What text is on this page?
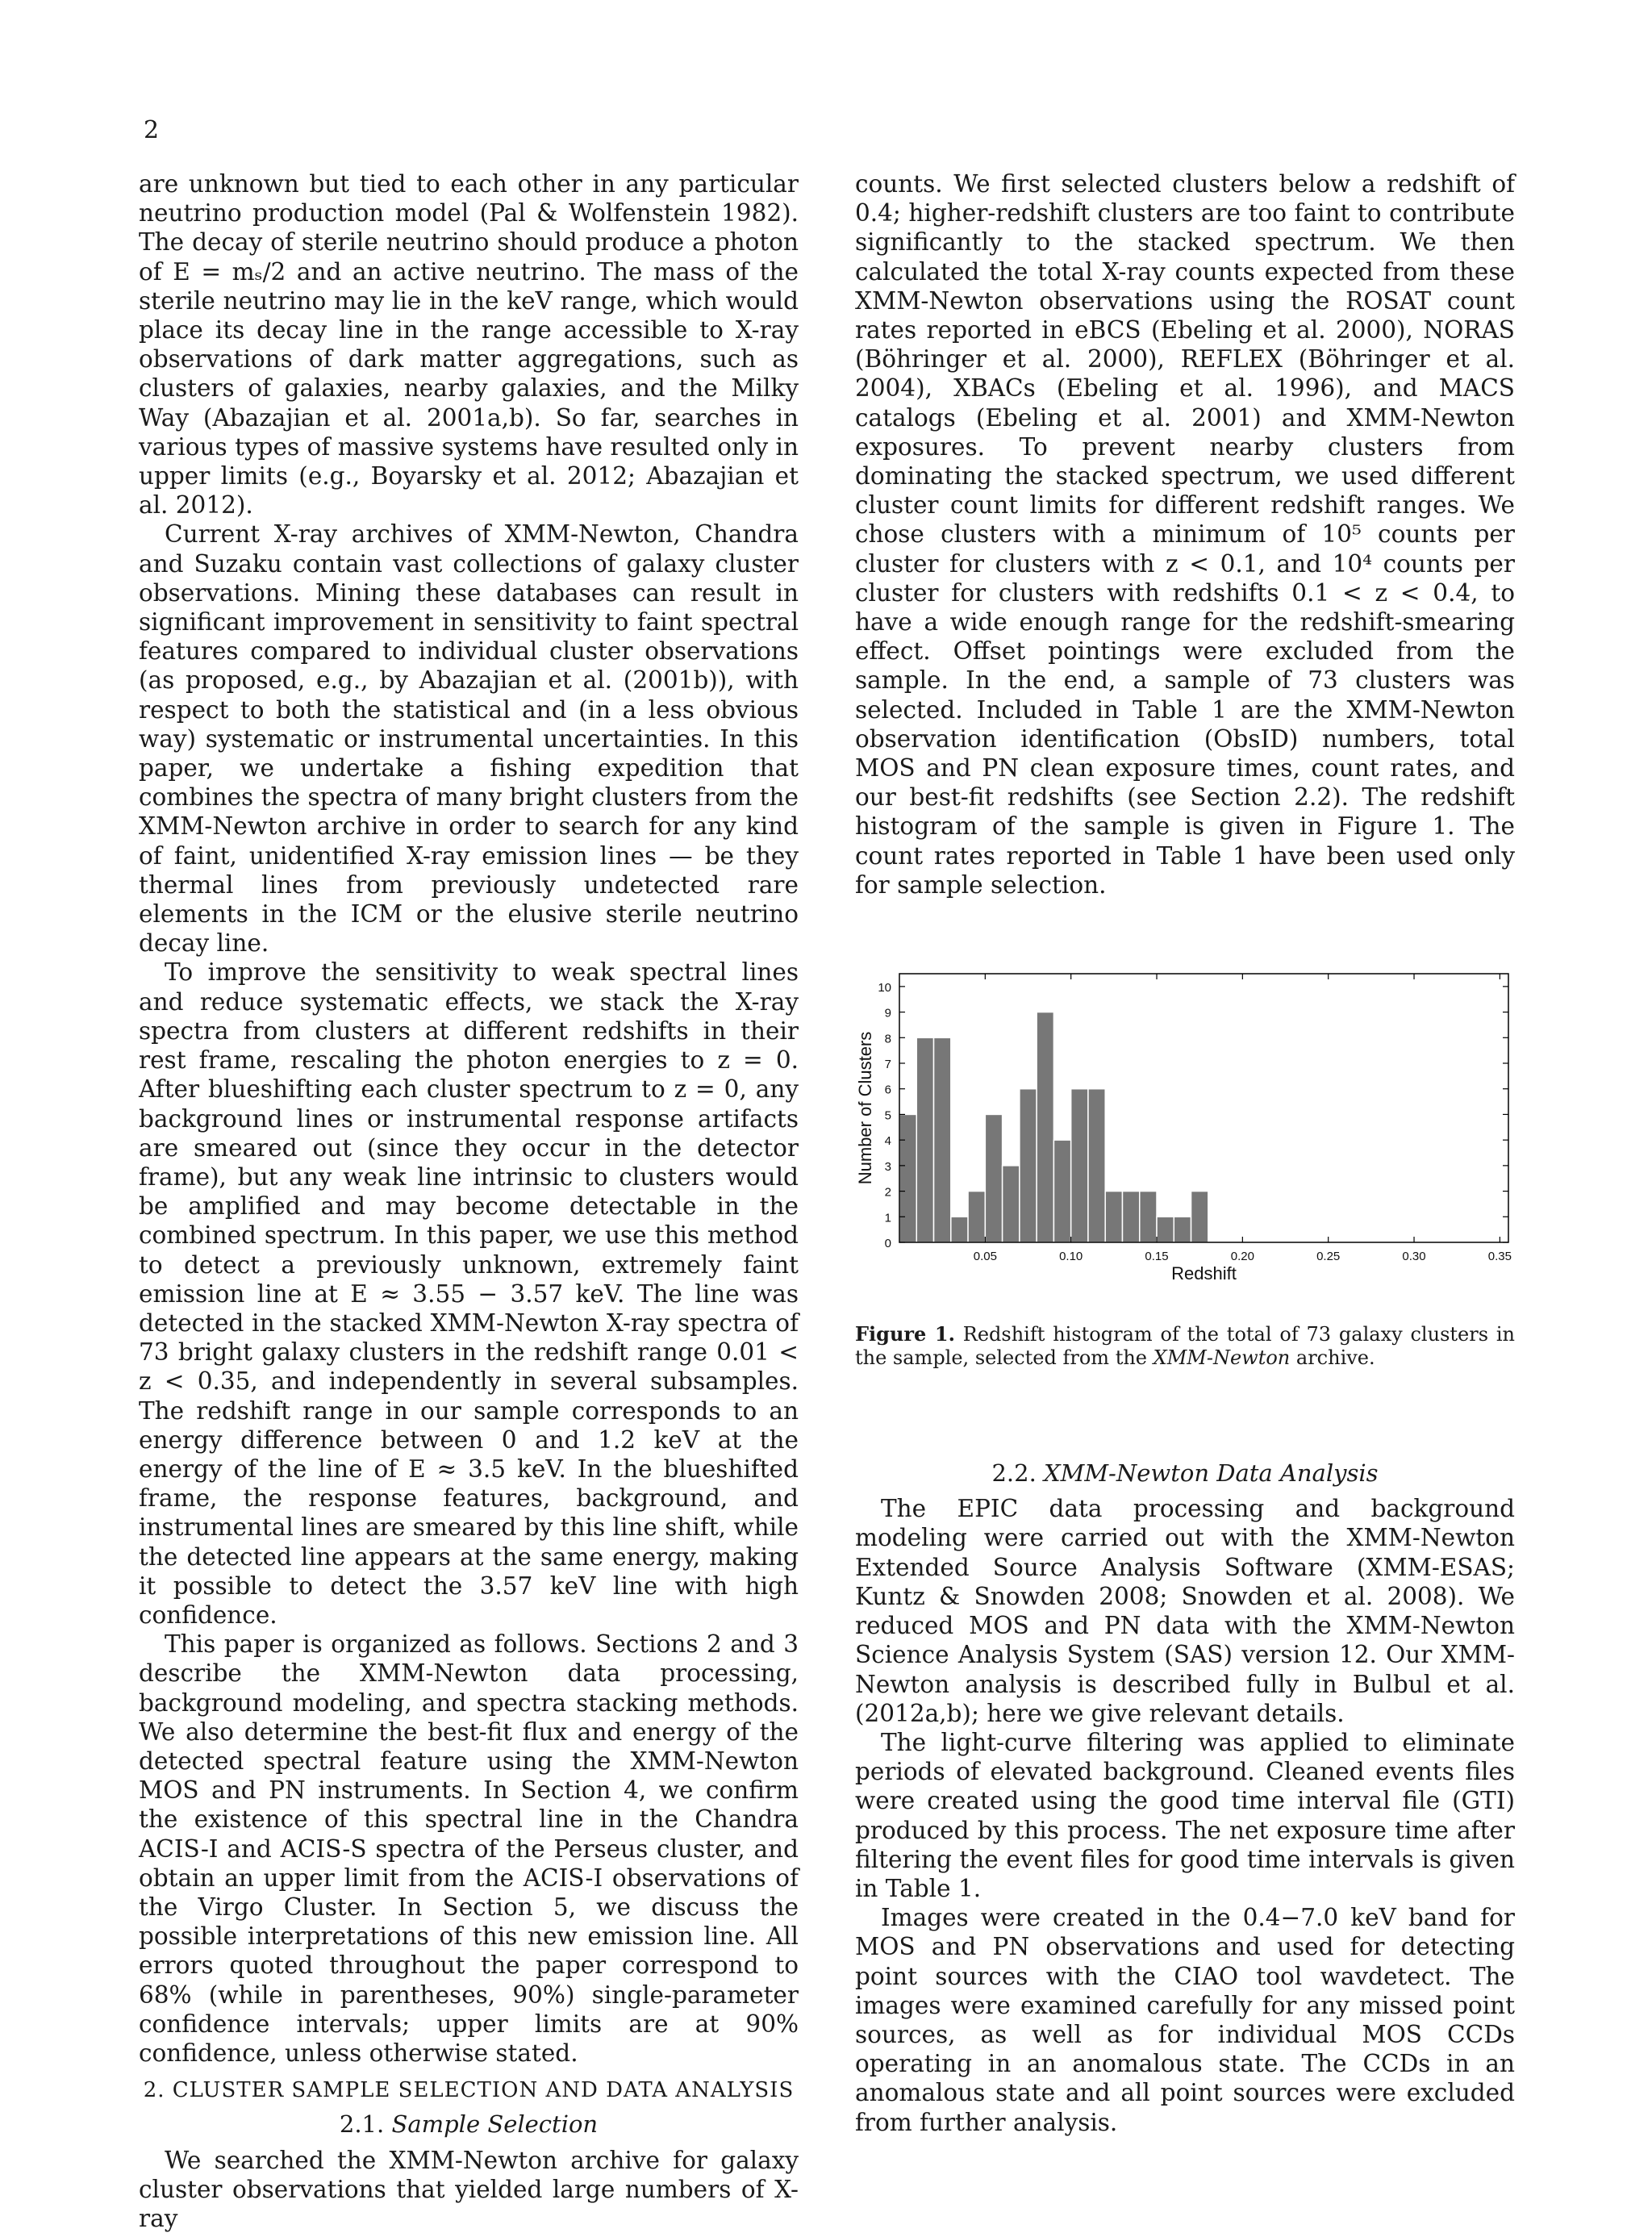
2

are unknown but tied to each other in any particular neutrino production model (Pal & Wolfenstein 1982). The decay of sterile neutrino should produce a photon of E = mₛ/2 and an active neutrino. The mass of the sterile neutrino may lie in the keV range, which would place its decay line in the range accessible to X-ray observations of dark matter aggregations, such as clusters of galaxies, nearby galaxies, and the Milky Way (Abazajian et al. 2001a,b). So far, searches in various types of massive systems have resulted only in upper limits (e.g., Boyarsky et al. 2012; Abazajian et al. 2012).

Current X-ray archives of XMM-Newton, Chandra and Suzaku contain vast collections of galaxy cluster observations. Mining these databases can result in significant improvement in sensitivity to faint spectral features compared to individual cluster observations (as proposed, e.g., by Abazajian et al. (2001b)), with respect to both the statistical and (in a less obvious way) systematic or instrumental uncertainties. In this paper, we undertake a fishing expedition that combines the spectra of many bright clusters from the XMM-Newton archive in order to search for any kind of faint, unidentified X-ray emission lines — be they thermal lines from previously undetected rare elements in the ICM or the elusive sterile neutrino decay line.

To improve the sensitivity to weak spectral lines and reduce systematic effects, we stack the X-ray spectra from clusters at different redshifts in their rest frame, rescaling the photon energies to z = 0. After blueshifting each cluster spectrum to z = 0, any background lines or instrumental response artifacts are smeared out (since they occur in the detector frame), but any weak line intrinsic to clusters would be amplified and may become detectable in the combined spectrum. In this paper, we use this method to detect a previously unknown, extremely faint emission line at E ≈ 3.55 − 3.57 keV. The line was detected in the stacked XMM-Newton X-ray spectra of 73 bright galaxy clusters in the redshift range 0.01 < z < 0.35, and independently in several subsamples. The redshift range in our sample corresponds to an energy difference between 0 and 1.2 keV at the energy of the line of E ≈ 3.5 keV. In the blueshifted frame, the response features, background, and instrumental lines are smeared by this line shift, while the detected line appears at the same energy, making it possible to detect the 3.57 keV line with high confidence.

This paper is organized as follows. Sections 2 and 3 describe the XMM-Newton data processing, background modeling, and spectra stacking methods. We also determine the best-fit flux and energy of the detected spectral feature using the XMM-Newton MOS and PN instruments. In Section 4, we confirm the existence of this spectral line in the Chandra ACIS-I and ACIS-S spectra of the Perseus cluster, and obtain an upper limit from the ACIS-I observations of the Virgo Cluster. In Section 5, we discuss the possible interpretations of this new emission line. All errors quoted throughout the paper correspond to 68% (while in parentheses, 90%) single-parameter confidence intervals; upper limits are at 90% confidence, unless otherwise stated.

2. CLUSTER SAMPLE SELECTION AND DATA ANALYSIS
2.1. Sample Selection

We searched the XMM-Newton archive for galaxy cluster observations that yielded large numbers of X-ray

counts. We first selected clusters below a redshift of 0.4; higher-redshift clusters are too faint to contribute significantly to the stacked spectrum. We then calculated the total X-ray counts expected from these XMM-Newton observations using the ROSAT count rates reported in eBCS (Ebeling et al. 2000), NORAS (Böhringer et al. 2000), REFLEX (Böhringer et al. 2004), XBACs (Ebeling et al. 1996), and MACS catalogs (Ebeling et al. 2001) and XMM-Newton exposures. To prevent nearby clusters from dominating the stacked spectrum, we used different cluster count limits for different redshift ranges. We chose clusters with a minimum of 10⁵ counts per cluster for clusters with z < 0.1, and 10⁴ counts per cluster for clusters with redshifts 0.1 < z < 0.4, to have a wide enough range for the redshift-smearing effect. Offset pointings were excluded from the sample. In the end, a sample of 73 clusters was selected. Included in Table 1 are the XMM-Newton observation identification (ObsID) numbers, total MOS and PN clean exposure times, count rates, and our best-fit redshifts (see Section 2.2). The redshift histogram of the sample is given in Figure 1. The count rates reported in Table 1 have been used only for sample selection.

0
1
2
3
4
5
6
7
8
9
10
0.05	0.10	0.15	0.20	0.25	0.30	0.35
Redshift
Number of Clusters

Figure 1. Redshift histogram of the total of 73 galaxy clusters in the sample, selected from the XMM-Newton archive.

2.2. XMM-Newton Data Analysis

The EPIC data processing and background modeling were carried out with the XMM-Newton Extended Source Analysis Software (XMM-ESAS; Kuntz & Snowden 2008; Snowden et al. 2008). We reduced MOS and PN data with the XMM-Newton Science Analysis System (SAS) version 12. Our XMM-Newton analysis is described fully in Bulbul et al. (2012a,b); here we give relevant details.

The light-curve filtering was applied to eliminate periods of elevated background. Cleaned events files were created using the good time interval file (GTI) produced by this process. The net exposure time after filtering the event files for good time intervals is given in Table 1.

Images were created in the 0.4−7.0 keV band for MOS and PN observations and used for detecting point sources with the CIAO tool wavdetect. The images were examined carefully for any missed point sources, as well as for individual MOS CCDs operating in an anomalous state. The CCDs in an anomalous state and all point sources were excluded from further analysis.
